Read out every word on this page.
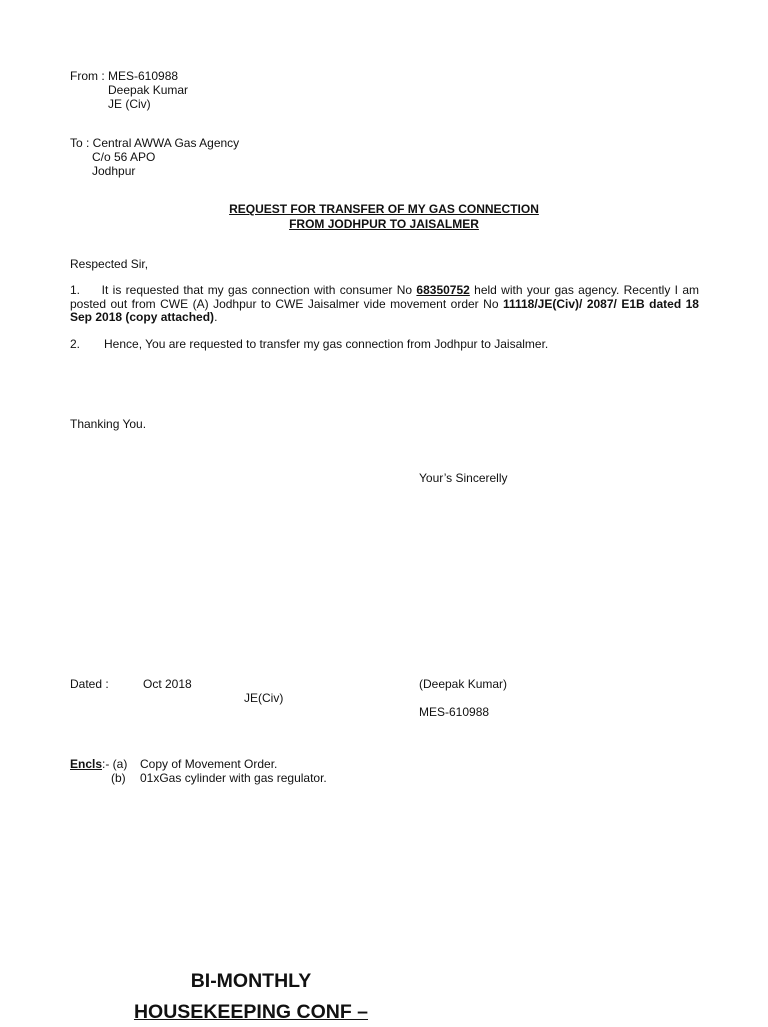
From : MES-610988
Deepak Kumar
JE (Civ)
To : Central AWWA Gas Agency
C/o 56 APO
Jodhpur
REQUEST FOR TRANSFER OF MY GAS CONNECTION
FROM JODHPUR TO JAISALMER
Respected Sir,
1. It is requested that my gas connection with consumer No 68350752 held with your gas agency. Recently I am posted out from CWE (A) Jodhpur to CWE Jaisalmer vide movement order No 11118/JE(Civ)/ 2087/ E1B dated 18 Sep 2018 (copy attached).
2. Hence, You are requested to transfer my gas connection from Jodhpur to Jaisalmer.
Thanking You.
Your’s Sincerelly
Dated :	Oct 2018	(Deepak Kumar)
JE(Civ)
MES-610988
Encls:- (a) Copy of Movement Order.
(b) 01xGas cylinder with gas regulator.
BI-MONTHLY
HOUSEKEEPING CONF –
